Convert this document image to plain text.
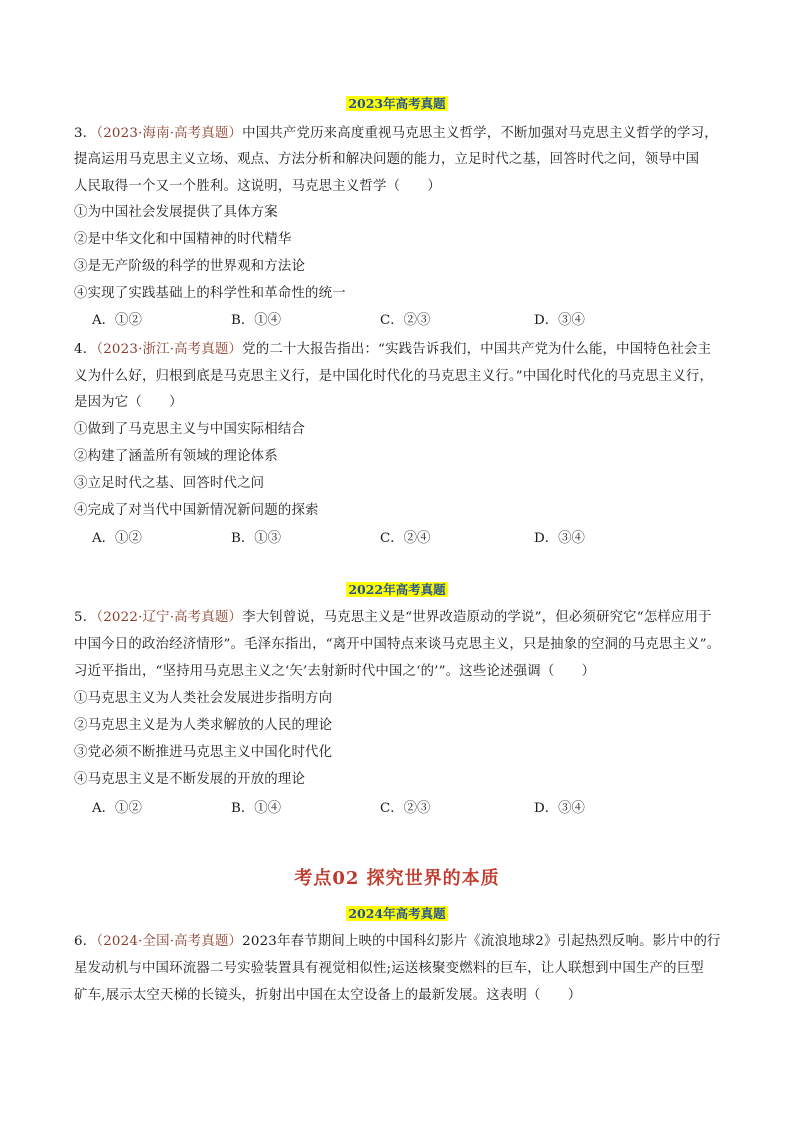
2023年高考真题
3．（2023·海南·高考真题）中国共产党历来高度重视马克思主义哲学，不断加强对马克思主义哲学的学习，
提高运用马克思主义立场、观点、方法分析和解决问题的能力，立足时代之基，回答时代之问，领导中国
人民取得一个又一个胜利。这说明，马克思主义哲学（　　）
①为中国社会发展提供了具体方案
②是中华文化和中国精神的时代精华
③是无产阶级的科学的世界观和方法论
④实现了实践基础上的科学性和革命性的统一
A．①②	B．①④	C．②③	D．③④
4．（2023·浙江·高考真题）党的二十大报告指出：“实践告诉我们，中国共产党为什么能，中国特色社会主
义为什么好，归根到底是马克思主义行，是中国化时代化的马克思主义行。”中国化时代化的马克思主义行，
是因为它（　　）
①做到了马克思主义与中国实际相结合
②构建了涵盖所有领域的理论体系
③立足时代之基、回答时代之问
④完成了对当代中国新情况新问题的探索
A．①②	B．①③	C．②④	D．③④
2022年高考真题
5．（2022·辽宁·高考真题）李大钊曾说，马克思主义是“世界改造原动的学说”，但必须研究它“怎样应用于
中国今日的政治经济情形”。毛泽东指出，“离开中国特点来谈马克思主义，只是抽象的空洞的马克思主义”。
习近平指出，“坚持用马克思主义之‘矢’去射新时代中国之‘的’”。这些论述强调（　　）
①马克思主义为人类社会发展进步指明方向
②马克思主义是为人类求解放的人民的理论
③党必须不断推进马克思主义中国化时代化
④马克思主义是不断发展的开放的理论
A．①②	B．①④	C．②③	D．③④
考点02 探究世界的本质
2024年高考真题
6．（2024·全国·高考真题）2023年春节期间上映的中国科幻影片《流浪地球2》引起热烈反响。影片中的行
星发动机与中国环流器二号实验装置具有视觉相似性;运送核聚变燃料的巨车，让人联想到中国生产的巨型
矿车,展示太空天梯的长镜头，折射出中国在太空设备上的最新发展。这表明（　　）
